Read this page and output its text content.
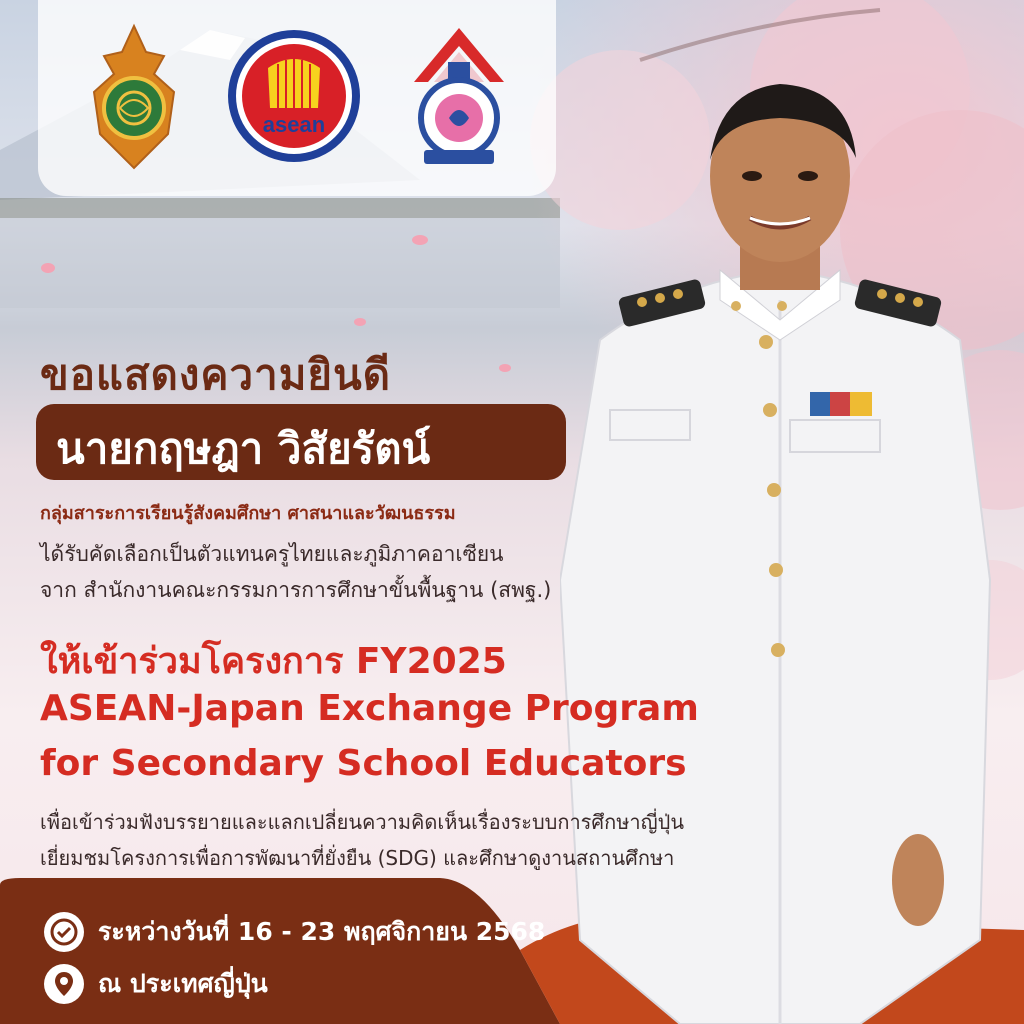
asean
ขอแสดงความยินดี
นายกฤษฎา วิสัยรัตน์

กลุ่มสาระการเรียนรู้สังคมศึกษา ศาสนาและวัฒนธรรม

ได้รับคัดเลือกเป็นตัวแทนครูไทยและภูมิภาคอาเซียน

จาก สำนักงานคณะกรรมการการศึกษาขั้นพื้นฐาน (สพฐ.)

ให้เข้าร่วมโครงการ FY2025

ASEAN-Japan Exchange Program

for Secondary School Educators

เพื่อเข้าร่วมฟังบรรยายและแลกเปลี่ยนความคิดเห็นเรื่องระบบการศึกษาญี่ปุ่น

เยี่ยมชมโครงการเพื่อการพัฒนาที่ยั่งยืน (SDG) และศึกษาดูงานสถานศึกษา

ระหว่างวันที่ 16 - 23 พฤศจิกายน 2568
ณ ประเทศญี่ปุ่น
